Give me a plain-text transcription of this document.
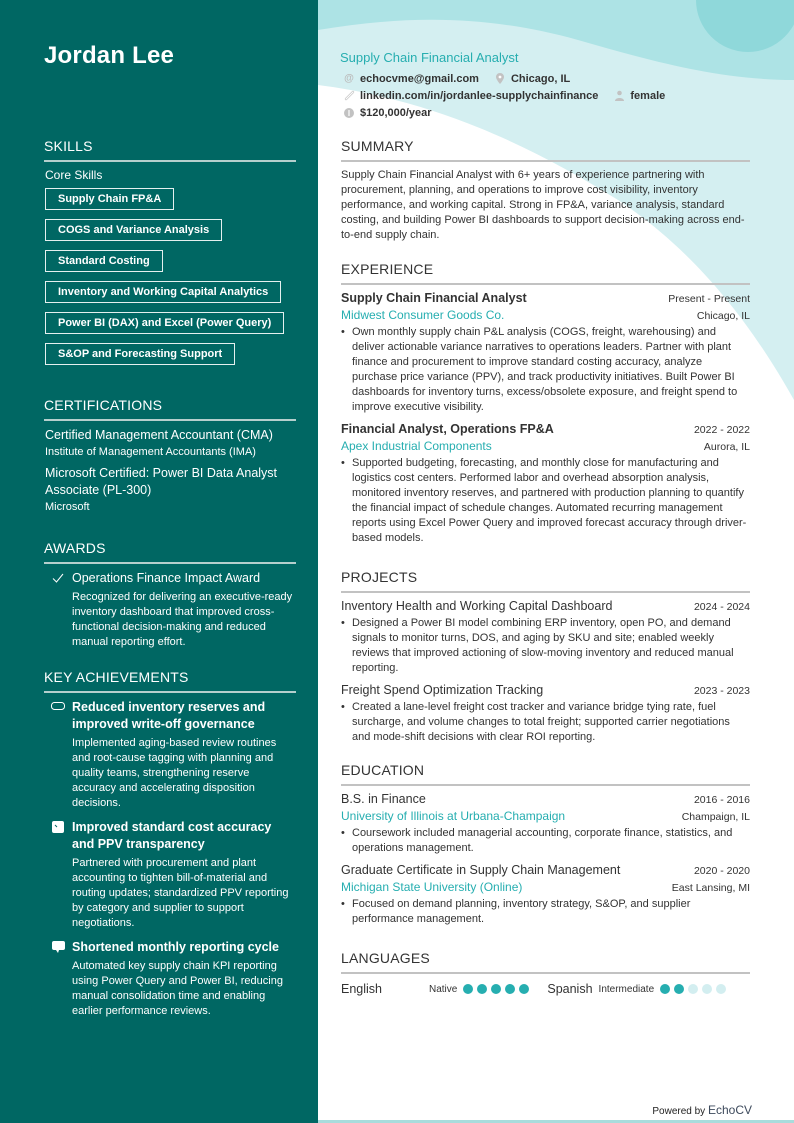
Jordan Lee
SKILLS
Core Skills
Supply Chain FP&A
COGS and Variance Analysis
Standard Costing
Inventory and Working Capital Analytics
Power BI (DAX) and Excel (Power Query)
S&OP and Forecasting Support
CERTIFICATIONS
Certified Management Accountant (CMA)
Institute of Management Accountants (IMA)
Microsoft Certified: Power BI Data Analyst Associate (PL-300)
Microsoft
AWARDS
Operations Finance Impact Award
Recognized for delivering an executive-ready inventory dashboard that improved cross-functional decision-making and reduced manual reporting effort.
KEY ACHIEVEMENTS
Reduced inventory reserves and improved write-off governance
Implemented aging-based review routines and root-cause tagging with planning and quality teams, strengthening reserve accuracy and accelerating disposition decisions.
Improved standard cost accuracy and PPV transparency
Partnered with procurement and plant accounting to tighten bill-of-material and routing updates; standardized PPV reporting by category and supplier to support negotiations.
Shortened monthly reporting cycle
Automated key supply chain KPI reporting using Power Query and Power BI, reducing manual consolidation time and enabling earlier performance reviews.
Supply Chain Financial Analyst
@ echocvme@gmail.com	Chicago, IL
linkedin.com/in/jordanlee-supplychainfinance	female
$120,000/year
SUMMARY
Supply Chain Financial Analyst with 6+ years of experience partnering with procurement, planning, and operations to improve cost visibility, inventory performance, and working capital. Strong in FP&A, variance analysis, standard costing, and building Power BI dashboards to support decision-making across end-to-end supply chain.
EXPERIENCE
Supply Chain Financial Analyst	Present - Present
Midwest Consumer Goods Co.	Chicago, IL
• Own monthly supply chain P&L analysis (COGS, freight, warehousing) and deliver actionable variance narratives to operations leaders. Partner with plant finance and procurement to improve standard costing accuracy, analyze purchase price variance (PPV), and track productivity initiatives. Built Power BI dashboards for inventory turns, excess/obsolete exposure, and freight spend to improve executive visibility.
Financial Analyst, Operations FP&A	2022 - 2022
Apex Industrial Components	Aurora, IL
• Supported budgeting, forecasting, and monthly close for manufacturing and logistics cost centers. Performed labor and overhead absorption analysis, monitored inventory reserves, and partnered with production planning to quantify the financial impact of schedule changes. Automated recurring management reports using Excel Power Query and improved forecast accuracy through driver-based models.
PROJECTS
Inventory Health and Working Capital Dashboard	2024 - 2024
• Designed a Power BI model combining ERP inventory, open PO, and demand signals to monitor turns, DOS, and aging by SKU and site; enabled weekly reviews that improved actioning of slow-moving inventory and reduced manual reporting.
Freight Spend Optimization Tracking	2023 - 2023
• Created a lane-level freight cost tracker and variance bridge tying rate, fuel surcharge, and volume changes to total freight; supported carrier negotiations and mode-shift decisions with clear ROI reporting.
EDUCATION
B.S. in Finance	2016 - 2016
University of Illinois at Urbana-Champaign	Champaign, IL
• Coursework included managerial accounting, corporate finance, statistics, and operations management.
Graduate Certificate in Supply Chain Management	2020 - 2020
Michigan State University (Online)	East Lansing, MI
• Focused on demand planning, inventory strategy, S&OP, and supplier performance management.
LANGUAGES
English	Native	Spanish Intermediate
Powered by EchoCV
